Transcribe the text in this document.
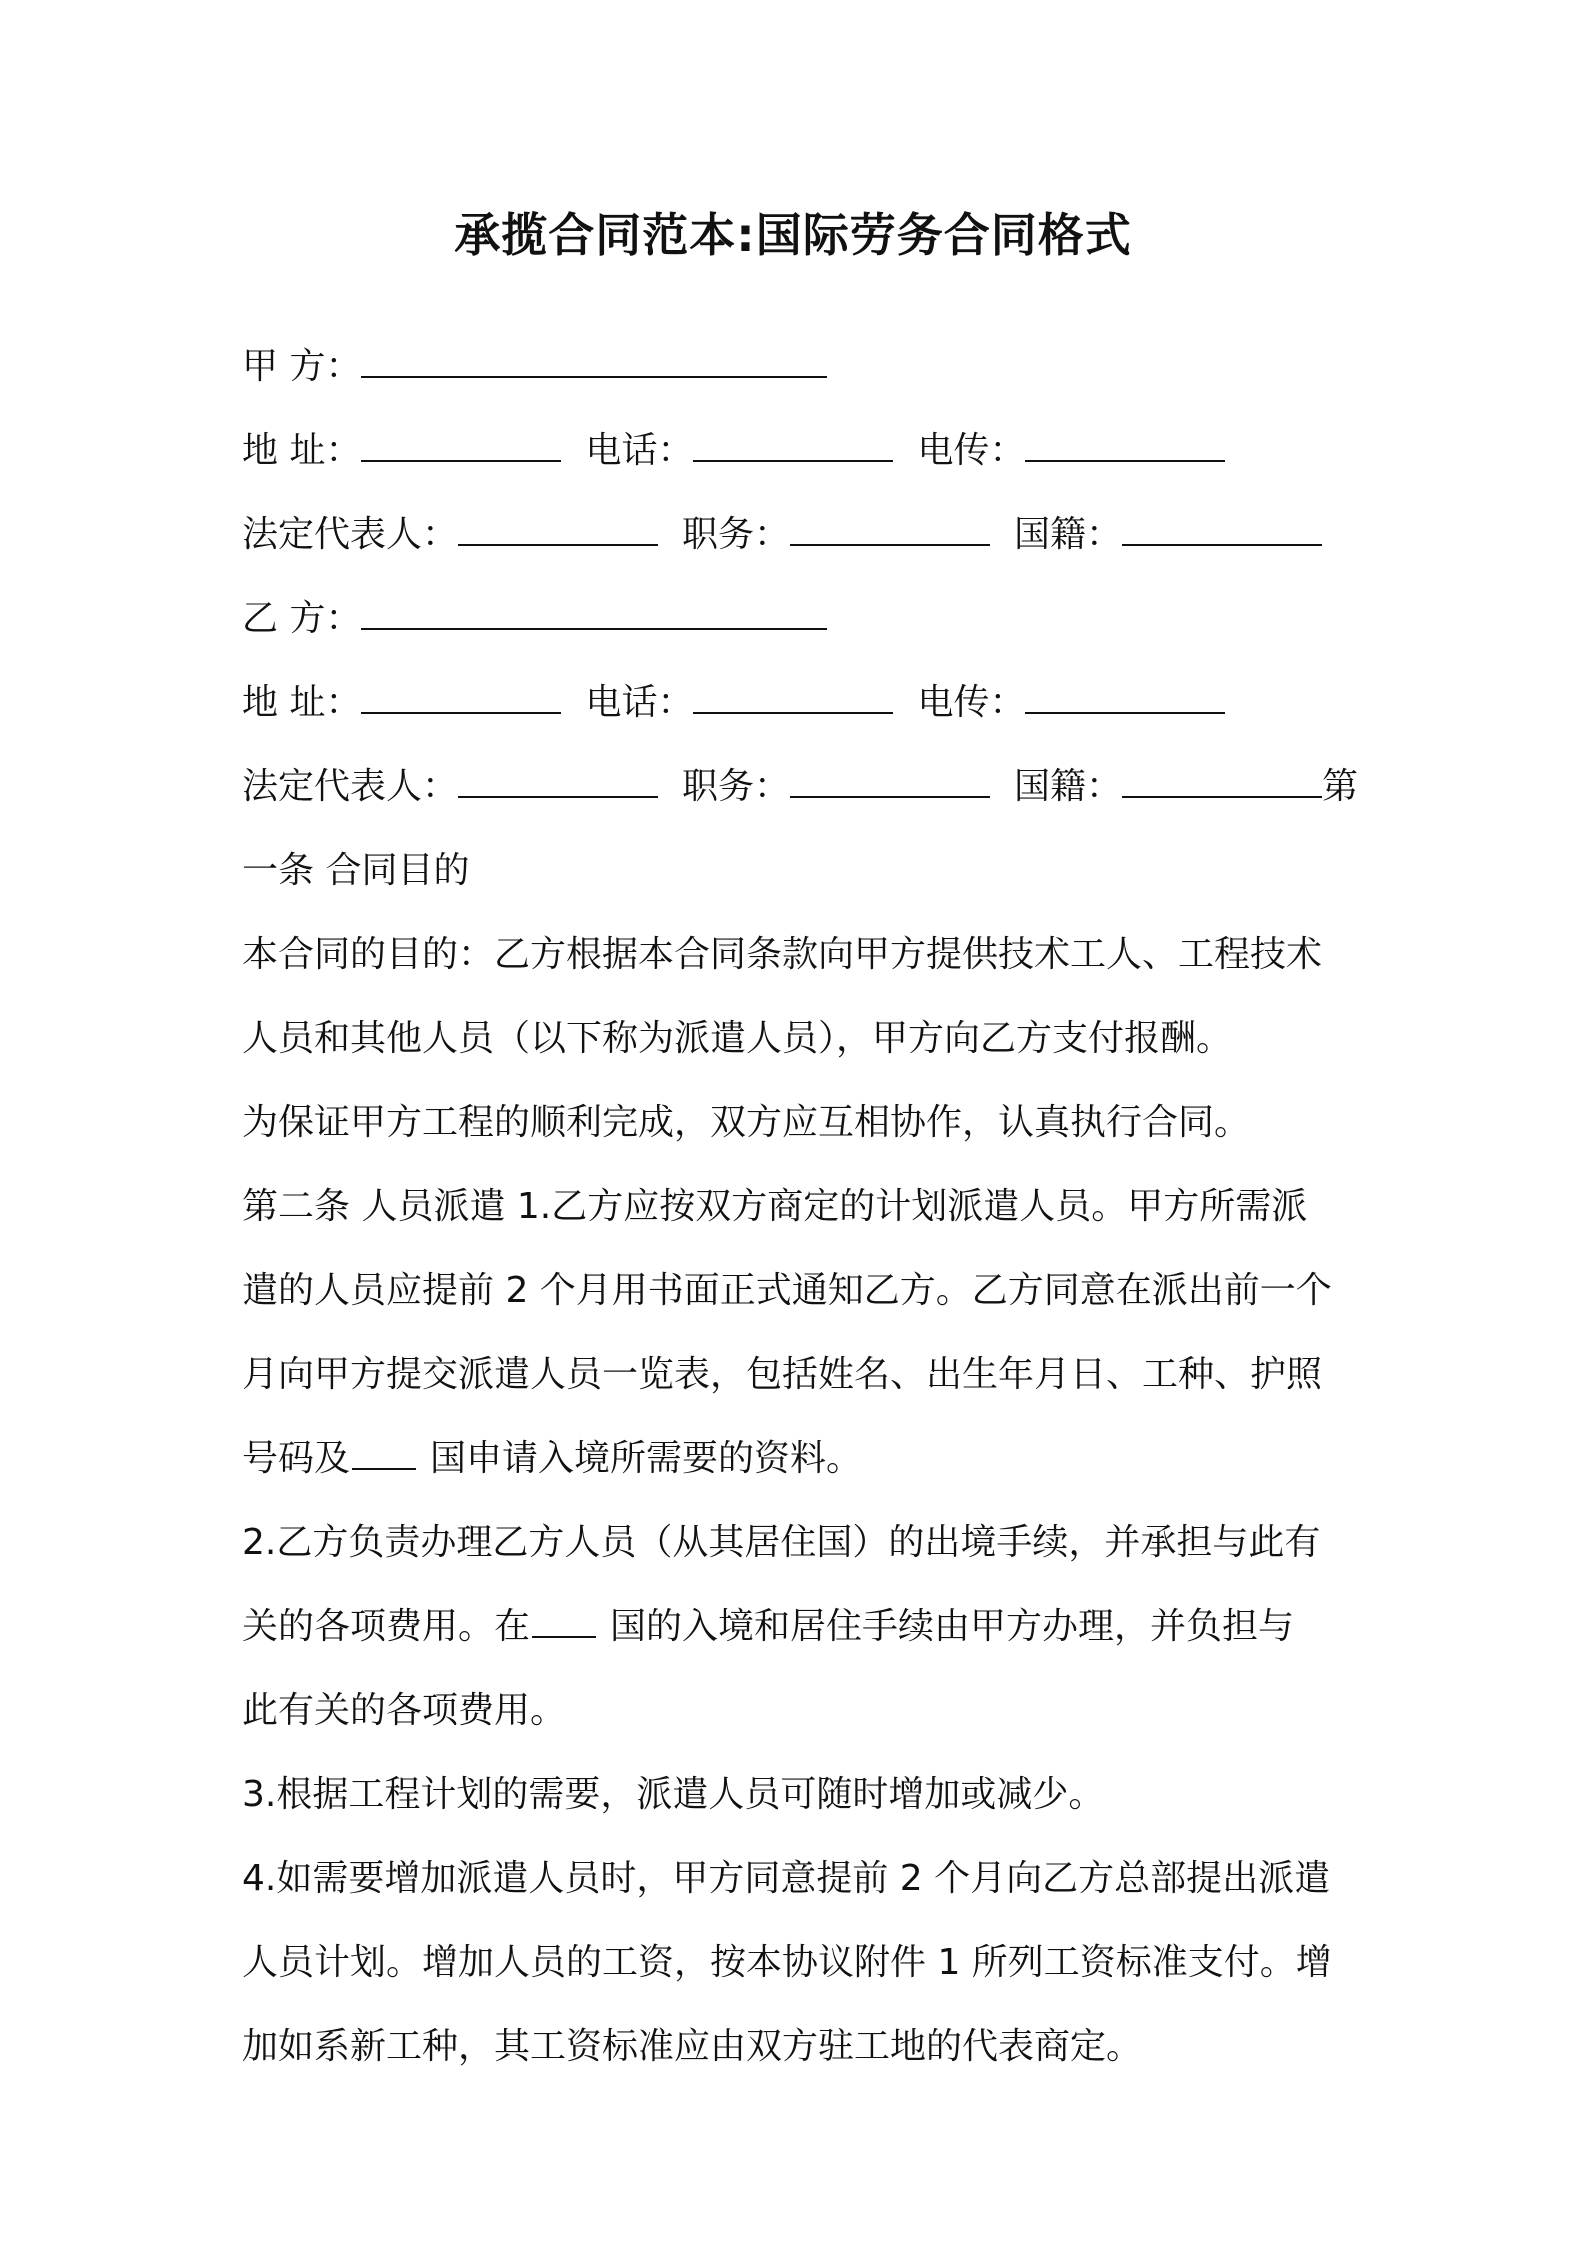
承揽合同范本:国际劳务合同格式
甲 方：
地 址：	电话：	电传：
法定代表人：	职务：	国籍：
乙 方：
地 址：	电话：	电传：
法定代表人：	职务：	国籍：	第
一条 合同目的
本合同的目的：乙方根据本合同条款向甲方提供技术工人、工程技术
人员和其他人员（以下称为派遣人员），甲方向乙方支付报酬。
为保证甲方工程的顺利完成，双方应互相协作，认真执行合同。
第二条 人员派遣 1.乙方应按双方商定的计划派遣人员。甲方所需派
遣的人员应提前 2 个月用书面正式通知乙方。乙方同意在派出前一个
月向甲方提交派遣人员一览表，包括姓名、出生年月日、工种、护照
号码及 国申请入境所需要的资料。
2.乙方负责办理乙方人员（从其居住国）的出境手续，并承担与此有
关的各项费用。在 国的入境和居住手续由甲方办理，并负担与
此有关的各项费用。
3.根据工程计划的需要，派遣人员可随时增加或减少。
4.如需要增加派遣人员时，甲方同意提前 2 个月向乙方总部提出派遣
人员计划。增加人员的工资，按本协议附件 1 所列工资标准支付。增
加如系新工种，其工资标准应由双方驻工地的代表商定。
